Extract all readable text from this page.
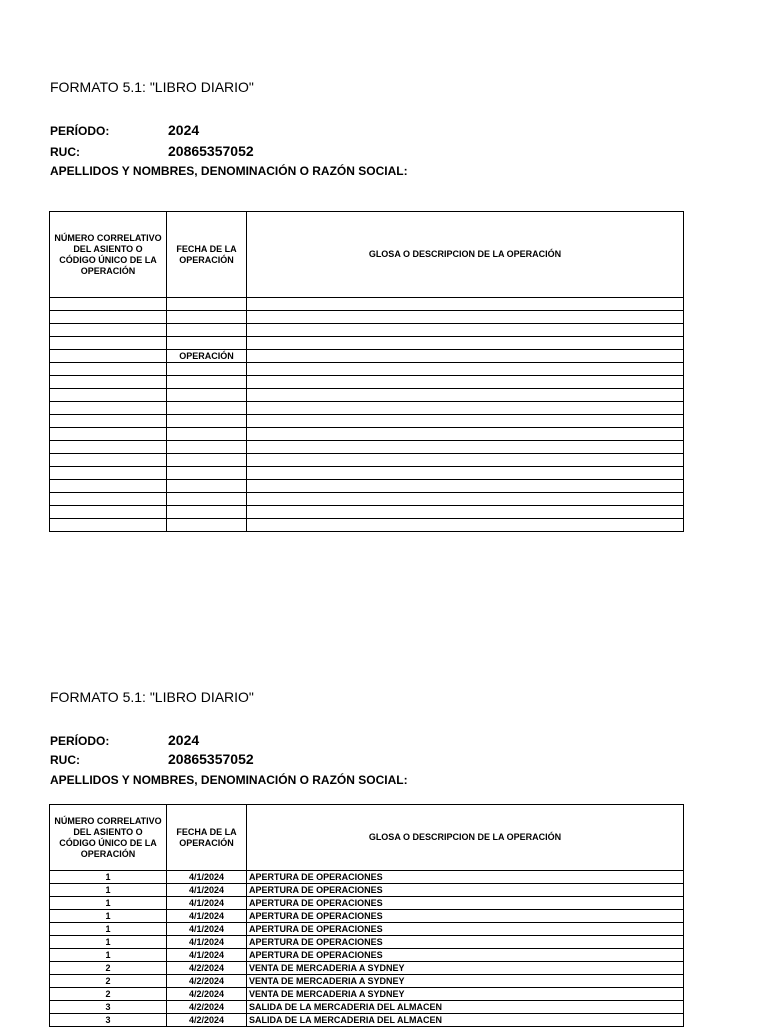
FORMATO 5.1: "LIBRO DIARIO"
PERÍODO:	2024
RUC:	20865357052
APELLIDOS Y NOMBRES, DENOMINACIÓN O RAZÓN SOCIAL:
NÚMERO CORRELATIVO DEL ASIENTO O CÓDIGO ÚNICO DE LA OPERACIÓN	FECHA DE LA OPERACIÓN	GLOSA O DESCRIPCION DE LA OPERACIÓN

	OPERACIÓN	

FORMATO 5.1: "LIBRO DIARIO"
PERÍODO:	2024
RUC:	20865357052
APELLIDOS Y NOMBRES, DENOMINACIÓN O RAZÓN SOCIAL:
NÚMERO CORRELATIVO DEL ASIENTO O CÓDIGO ÚNICO DE LA OPERACIÓN	FECHA DE LA OPERACIÓN	GLOSA O DESCRIPCION DE LA OPERACIÓN
1	4/1/2024	APERTURA DE OPERACIONES
1	4/1/2024	APERTURA DE OPERACIONES
1	4/1/2024	APERTURA DE OPERACIONES
1	4/1/2024	APERTURA DE OPERACIONES
1	4/1/2024	APERTURA DE OPERACIONES
1	4/1/2024	APERTURA DE OPERACIONES
1	4/1/2024	APERTURA DE OPERACIONES
2	4/2/2024	VENTA DE MERCADERIA A SYDNEY
2	4/2/2024	VENTA DE MERCADERIA A SYDNEY
2	4/2/2024	VENTA DE MERCADERIA A SYDNEY
3	4/2/2024	SALIDA DE LA MERCADERIA DEL ALMACEN
3	4/2/2024	SALIDA DE LA MERCADERIA DEL ALMACEN
